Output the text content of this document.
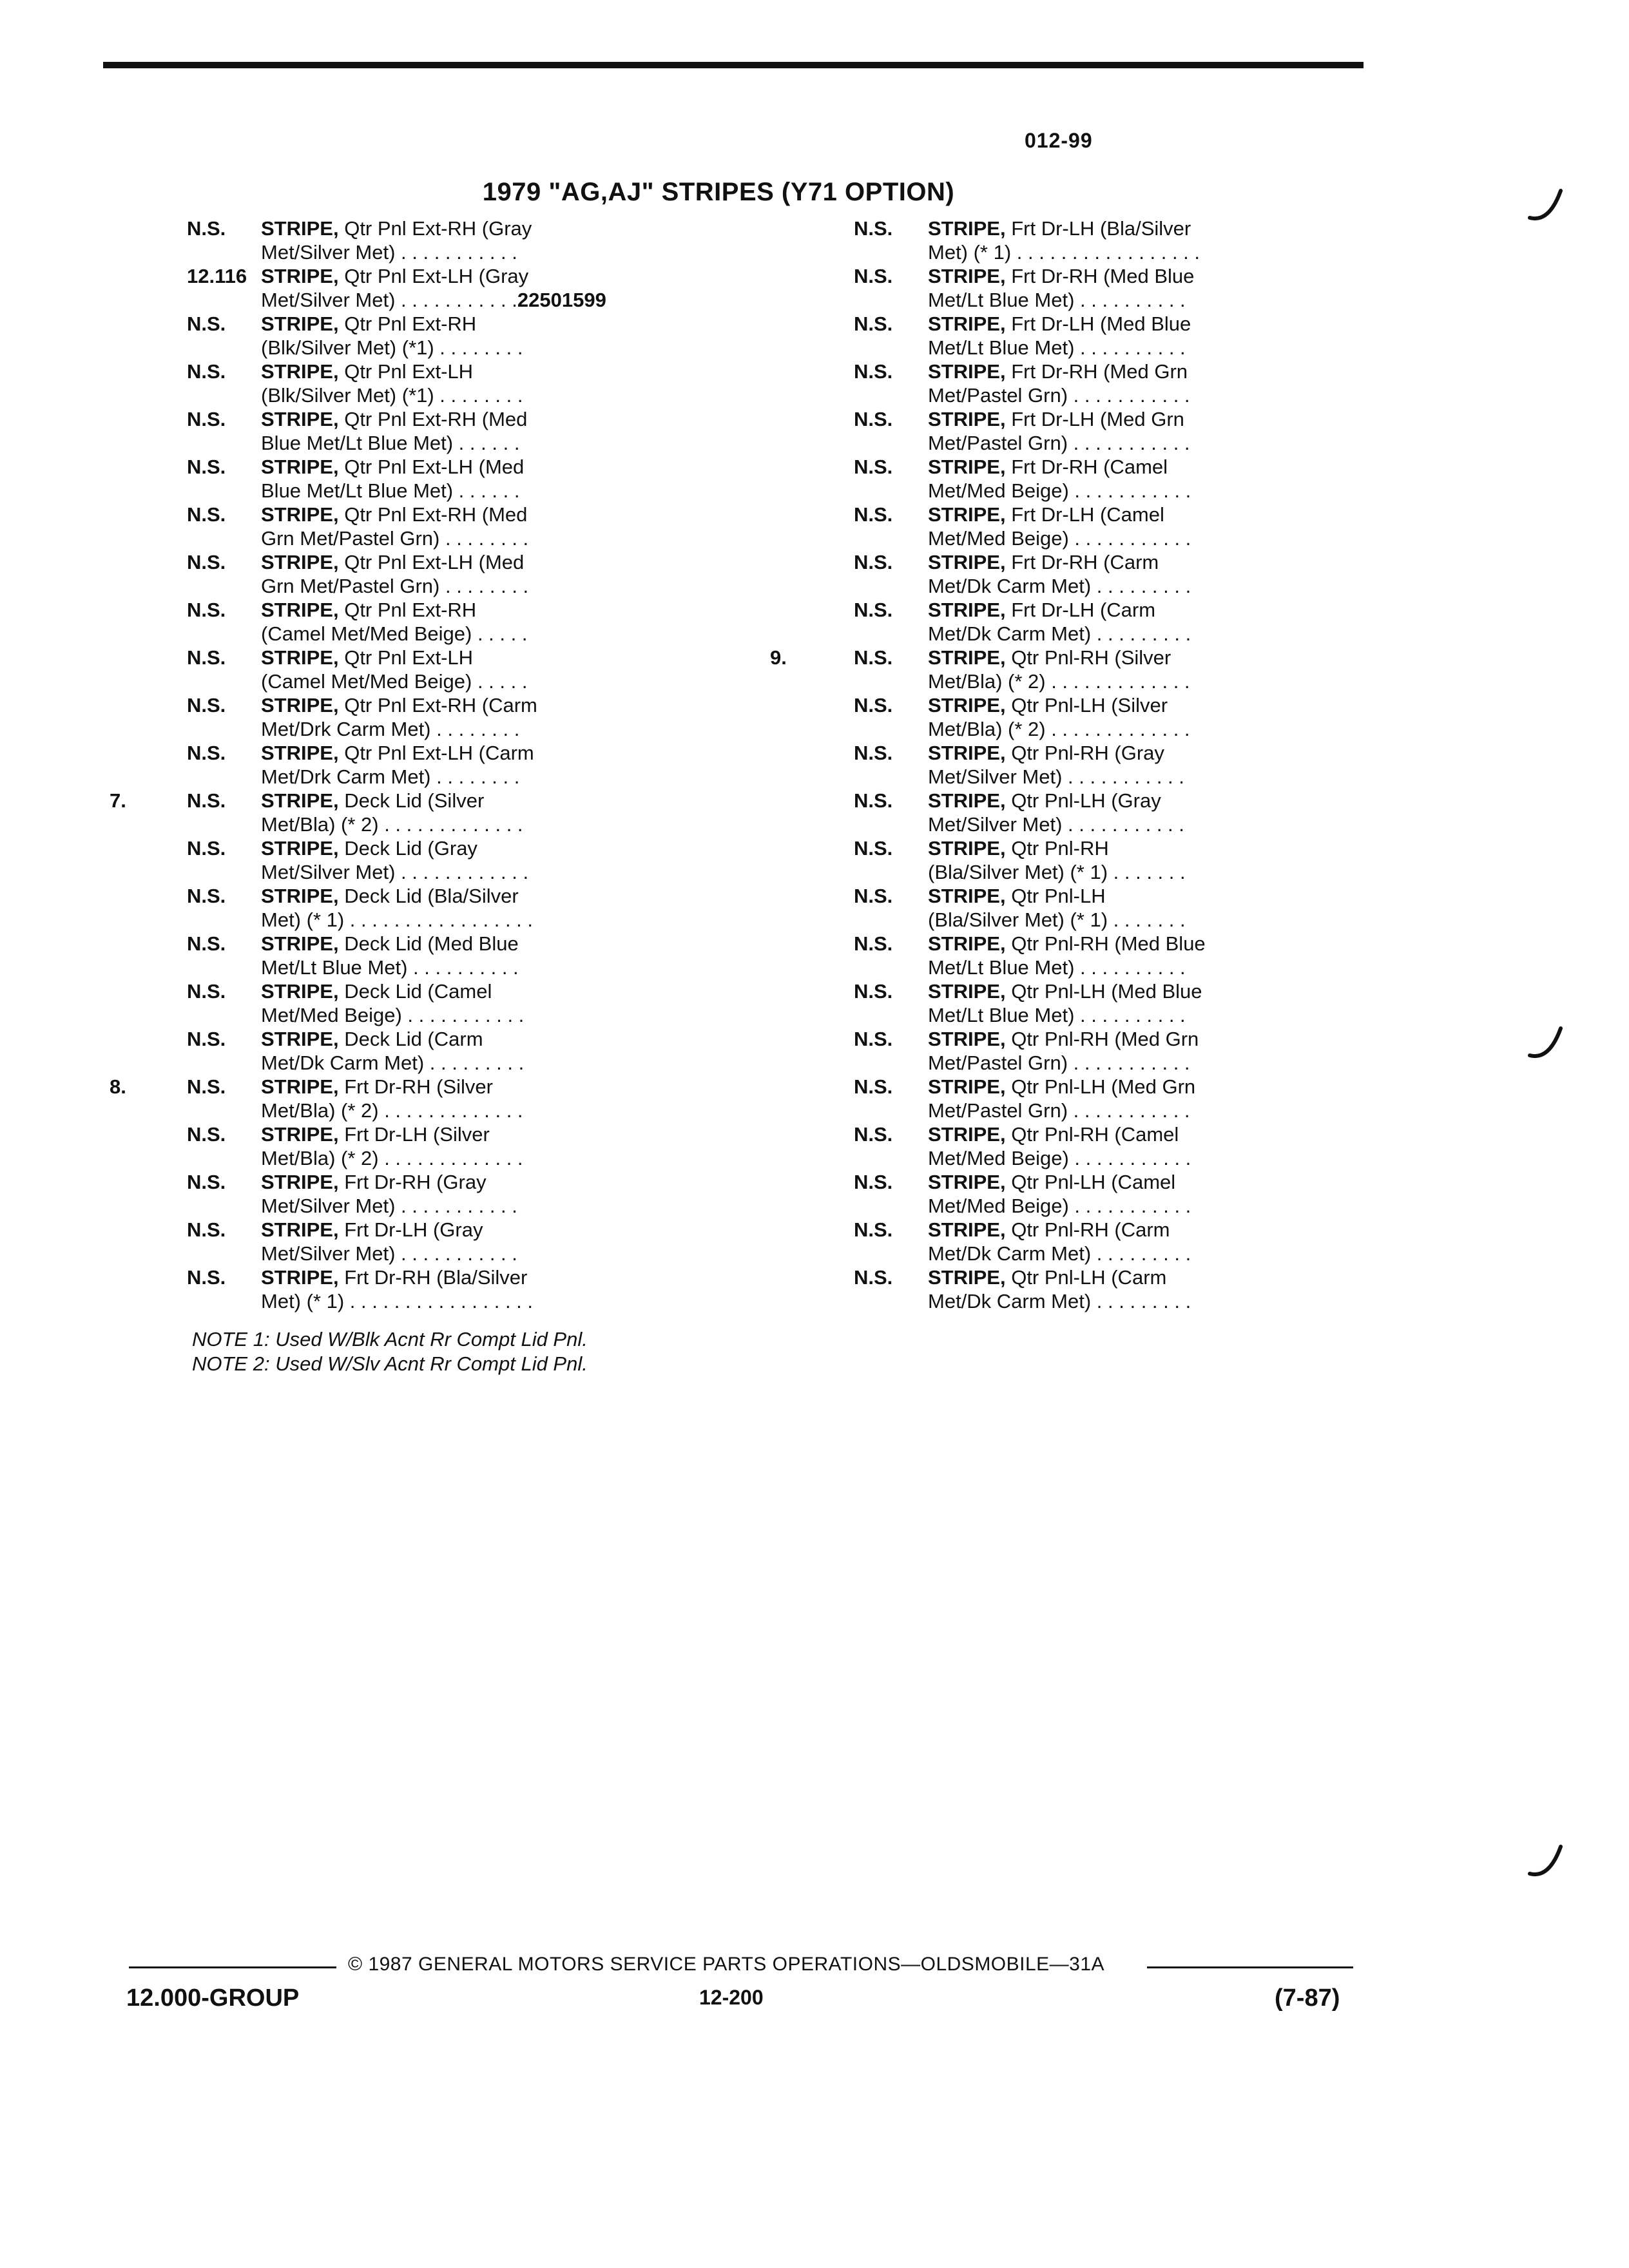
012-99
1979 "AG,AJ" STRIPES (Y71 OPTION)
N.S. STRIPE, Qtr Pnl Ext-RH (Gray
Met/Silver Met) . . . . . . . . . . .
12.116 STRIPE, Qtr Pnl Ext-LH (Gray
Met/Silver Met) . . . . . . . . . . .22501599
N.S. STRIPE, Qtr Pnl Ext-RH
(Blk/Silver Met) (*1) . . . . . . . .
N.S. STRIPE, Qtr Pnl Ext-LH
(Blk/Silver Met) (*1) . . . . . . . .
N.S. STRIPE, Qtr Pnl Ext-RH (Med
Blue Met/Lt Blue Met) . . . . . .
N.S. STRIPE, Qtr Pnl Ext-LH (Med
Blue Met/Lt Blue Met) . . . . . .
N.S. STRIPE, Qtr Pnl Ext-RH (Med
Grn Met/Pastel Grn) . . . . . . . .
N.S. STRIPE, Qtr Pnl Ext-LH (Med
Grn Met/Pastel Grn) . . . . . . . .
N.S. STRIPE, Qtr Pnl Ext-RH
(Camel Met/Med Beige) . . . . .
N.S. STRIPE, Qtr Pnl Ext-LH
(Camel Met/Med Beige) . . . . .
N.S. STRIPE, Qtr Pnl Ext-RH (Carm
Met/Drk Carm Met) . . . . . . . .
N.S. STRIPE, Qtr Pnl Ext-LH (Carm
Met/Drk Carm Met) . . . . . . . .
7.	N.S. STRIPE, Deck Lid (Silver
Met/Bla) (* 2) . . . . . . . . . . . . .
N.S. STRIPE, Deck Lid (Gray
Met/Silver Met) . . . . . . . . . . . .
N.S. STRIPE, Deck Lid (Bla/Silver
Met) (* 1) . . . . . . . . . . . . . . . . .
N.S. STRIPE, Deck Lid (Med Blue
Met/Lt Blue Met) . . . . . . . . . .
N.S. STRIPE, Deck Lid (Camel
Met/Med Beige) . . . . . . . . . . .
N.S. STRIPE, Deck Lid (Carm
Met/Dk Carm Met) . . . . . . . . .
8.	N.S. STRIPE, Frt Dr-RH (Silver
Met/Bla) (* 2) . . . . . . . . . . . . .
N.S. STRIPE, Frt Dr-LH (Silver
Met/Bla) (* 2) . . . . . . . . . . . . .
N.S. STRIPE, Frt Dr-RH (Gray
Met/Silver Met) . . . . . . . . . . .
N.S. STRIPE, Frt Dr-LH (Gray
Met/Silver Met) . . . . . . . . . . .
N.S. STRIPE, Frt Dr-RH (Bla/Silver
Met) (* 1) . . . . . . . . . . . . . . . . .
N.S. STRIPE, Frt Dr-LH (Bla/Silver
Met) (* 1) . . . . . . . . . . . . . . . . .
N.S. STRIPE, Frt Dr-RH (Med Blue
Met/Lt Blue Met) . . . . . . . . . .
N.S. STRIPE, Frt Dr-LH (Med Blue
Met/Lt Blue Met) . . . . . . . . . .
N.S. STRIPE, Frt Dr-RH (Med Grn
Met/Pastel Grn) . . . . . . . . . . .
N.S. STRIPE, Frt Dr-LH (Med Grn
Met/Pastel Grn) . . . . . . . . . . .
N.S. STRIPE, Frt Dr-RH (Camel
Met/Med Beige) . . . . . . . . . . .
N.S. STRIPE, Frt Dr-LH (Camel
Met/Med Beige) . . . . . . . . . . .
N.S. STRIPE, Frt Dr-RH (Carm
Met/Dk Carm Met) . . . . . . . . .
N.S. STRIPE, Frt Dr-LH (Carm
Met/Dk Carm Met) . . . . . . . . .
9.	N.S. STRIPE, Qtr Pnl-RH (Silver
Met/Bla) (* 2) . . . . . . . . . . . . .
N.S. STRIPE, Qtr Pnl-LH (Silver
Met/Bla) (* 2) . . . . . . . . . . . . .
N.S. STRIPE, Qtr Pnl-RH (Gray
Met/Silver Met) . . . . . . . . . . .
N.S. STRIPE, Qtr Pnl-LH (Gray
Met/Silver Met) . . . . . . . . . . .
N.S. STRIPE, Qtr Pnl-RH
(Bla/Silver Met) (* 1) . . . . . . .
N.S. STRIPE, Qtr Pnl-LH
(Bla/Silver Met) (* 1) . . . . . . .
N.S. STRIPE, Qtr Pnl-RH (Med Blue
Met/Lt Blue Met) . . . . . . . . . .
N.S. STRIPE, Qtr Pnl-LH (Med Blue
Met/Lt Blue Met) . . . . . . . . . .
N.S. STRIPE, Qtr Pnl-RH (Med Grn
Met/Pastel Grn) . . . . . . . . . . .
N.S. STRIPE, Qtr Pnl-LH (Med Grn
Met/Pastel Grn) . . . . . . . . . . .
N.S. STRIPE, Qtr Pnl-RH (Camel
Met/Med Beige) . . . . . . . . . . .
N.S. STRIPE, Qtr Pnl-LH (Camel
Met/Med Beige) . . . . . . . . . . .
N.S. STRIPE, Qtr Pnl-RH (Carm
Met/Dk Carm Met) . . . . . . . . .
N.S. STRIPE, Qtr Pnl-LH (Carm
Met/Dk Carm Met) . . . . . . . . .
NOTE 1: Used W/Blk Acnt Rr Compt Lid Pnl.
NOTE 2: Used W/Slv Acnt Rr Compt Lid Pnl.
© 1987 GENERAL MOTORS SERVICE PARTS OPERATIONS—OLDSMOBILE—31A
12.000-GROUP	12-200	(7-87)
